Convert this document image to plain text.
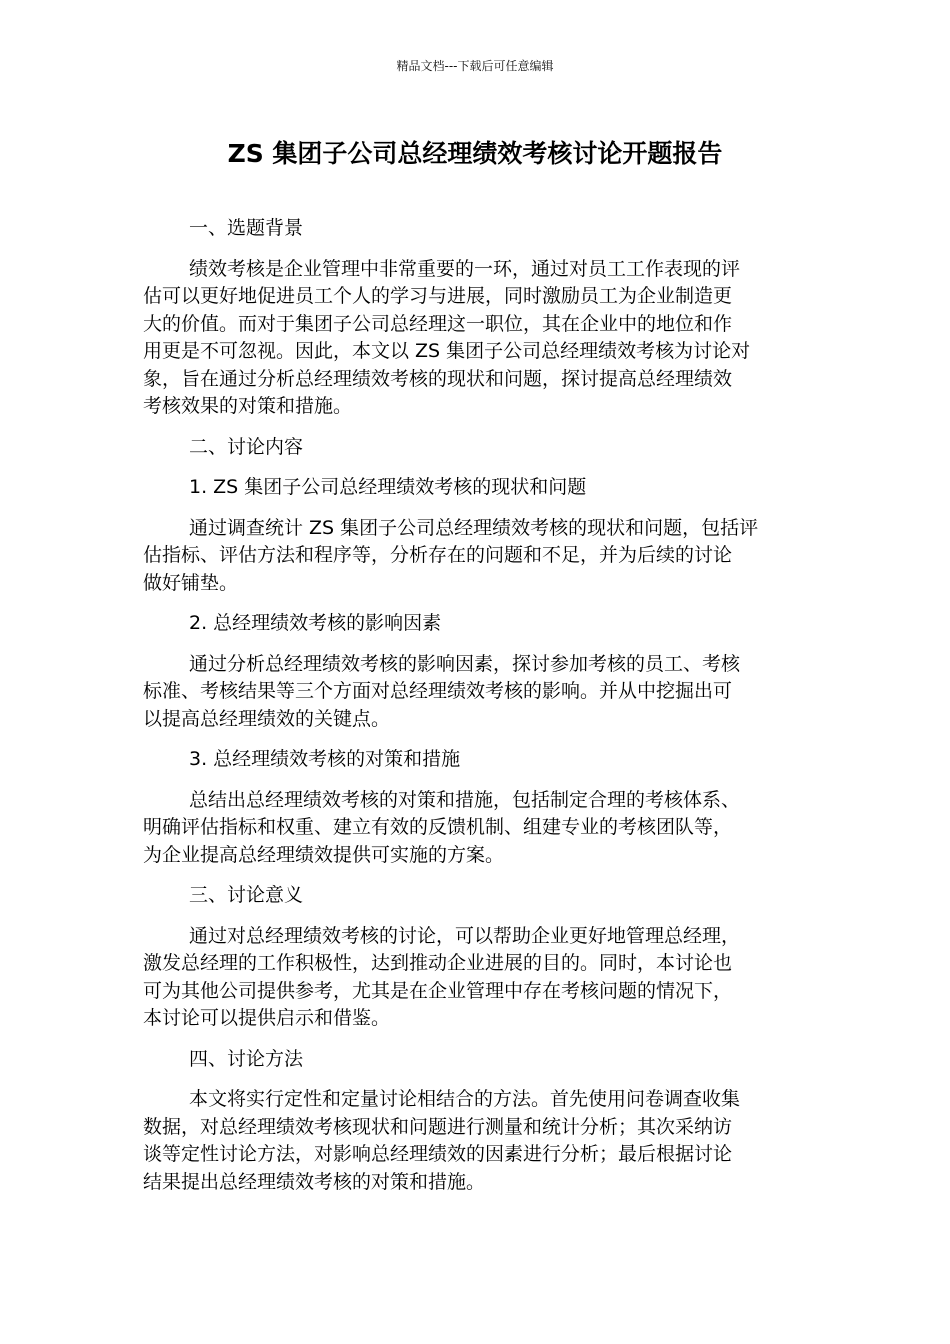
精品文档---下载后可任意编辑
ZS 集团子公司总经理绩效考核讨论开题报告

一、选题背景

绩效考核是企业管理中非常重要的一环，通过对员工工作表现的评

估可以更好地促进员工个人的学习与进展，同时激励员工为企业制造更

大的价值。而对于集团子公司总经理这一职位，其在企业中的地位和作

用更是不可忽视。因此，本文以 ZS 集团子公司总经理绩效考核为讨论对

象，旨在通过分析总经理绩效考核的现状和问题，探讨提高总经理绩效

考核效果的对策和措施。

二、讨论内容

1. ZS 集团子公司总经理绩效考核的现状和问题

通过调查统计 ZS 集团子公司总经理绩效考核的现状和问题，包括评

估指标、评估方法和程序等，分析存在的问题和不足，并为后续的讨论

做好铺垫。

2. 总经理绩效考核的影响因素

通过分析总经理绩效考核的影响因素，探讨参加考核的员工、考核

标准、考核结果等三个方面对总经理绩效考核的影响。并从中挖掘出可

以提高总经理绩效的关键点。

3. 总经理绩效考核的对策和措施

总结出总经理绩效考核的对策和措施，包括制定合理的考核体系、

明确评估指标和权重、建立有效的反馈机制、组建专业的考核团队等，

为企业提高总经理绩效提供可实施的方案。

三、讨论意义

通过对总经理绩效考核的讨论，可以帮助企业更好地管理总经理，

激发总经理的工作积极性，达到推动企业进展的目的。同时，本讨论也

可为其他公司提供参考，尤其是在企业管理中存在考核问题的情况下，

本讨论可以提供启示和借鉴。

四、讨论方法

本文将实行定性和定量讨论相结合的方法。首先使用问卷调查收集

数据，对总经理绩效考核现状和问题进行测量和统计分析；其次采纳访

谈等定性讨论方法，对影响总经理绩效的因素进行分析；最后根据讨论

结果提出总经理绩效考核的对策和措施。
